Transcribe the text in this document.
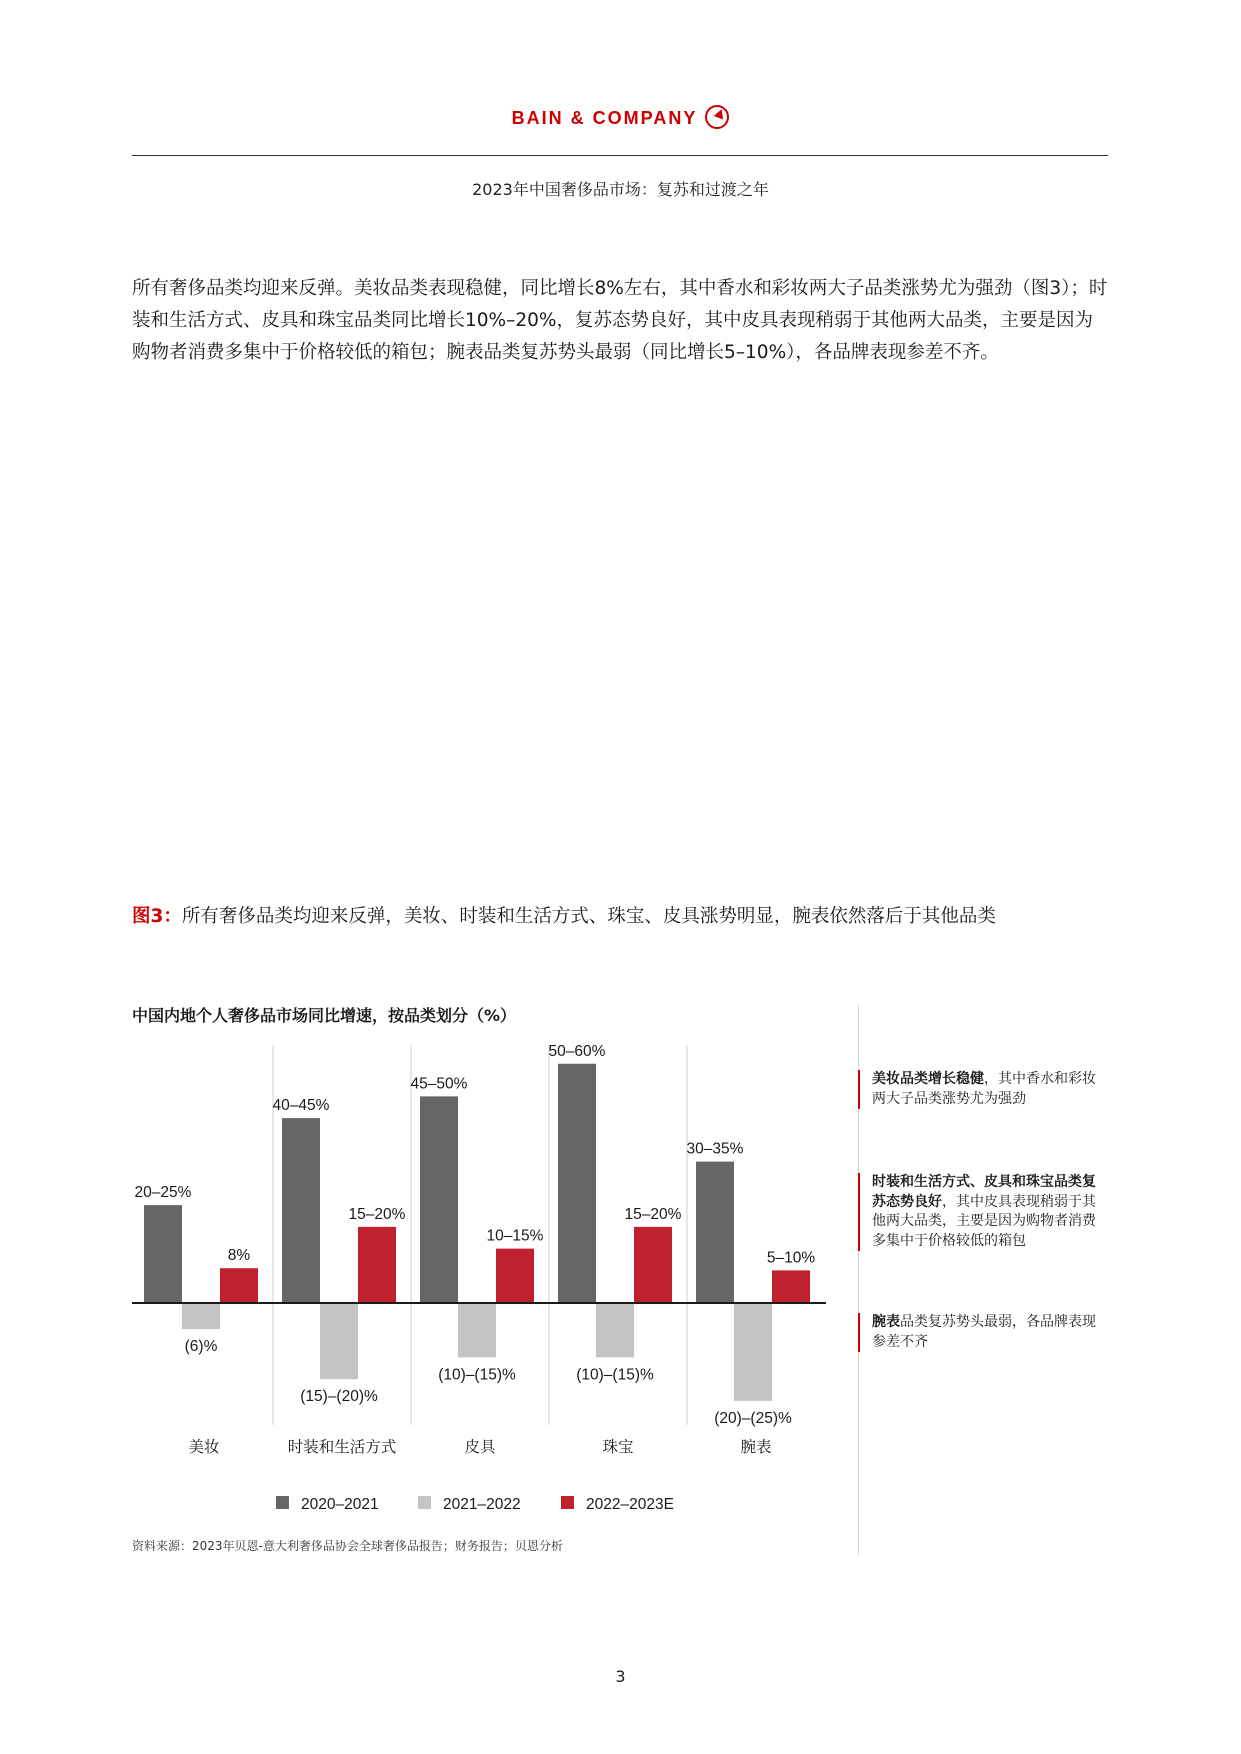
BAIN & COMPANY
2023年中国奢侈品市场：复苏和过渡之年
所有奢侈品类均迎来反弹。美妆品类表现稳健，同比增长8%左右，其中香水和彩妆两大子品类涨势尤为强劲（图3）；时装和生活方式、皮具和珠宝品类同比增长10%–20%，复苏态势良好，其中皮具表现稍弱于其他两大品类，主要是因为购物者消费多集中于价格较低的箱包；腕表品类复苏势头最弱（同比增长5–10%），各品牌表现参差不齐。
图3：所有奢侈品类均迎来反弹，美妆、时装和生活方式、珠宝、皮具涨势明显，腕表依然落后于其他品类
中国内地个人奢侈品市场同比增速，按品类划分（%）
20–25%
(6)%
8%
美妆
40–45%
(15)–(20)%
15–20%
时装和生活方式
45–50%
(10)–(15)%
10–15%
皮具
50–60%
(10)–(15)%
15–20%
珠宝
30–35%
(20)–(25)%
5–10%
腕表
2020–2021	2021–2022	2022–2023E
美妆品类增长稳健，其中香水和彩妆两大子品类涨势尤为强劲
时装和生活方式、皮具和珠宝品类复苏态势良好，其中皮具表现稍弱于其他两大品类，主要是因为购物者消费多集中于价格较低的箱包
腕表品类复苏势头最弱，各品牌表现参差不齐
资料来源：2023年贝恩-意大利奢侈品协会全球奢侈品报告；财务报告；贝恩分析
3
